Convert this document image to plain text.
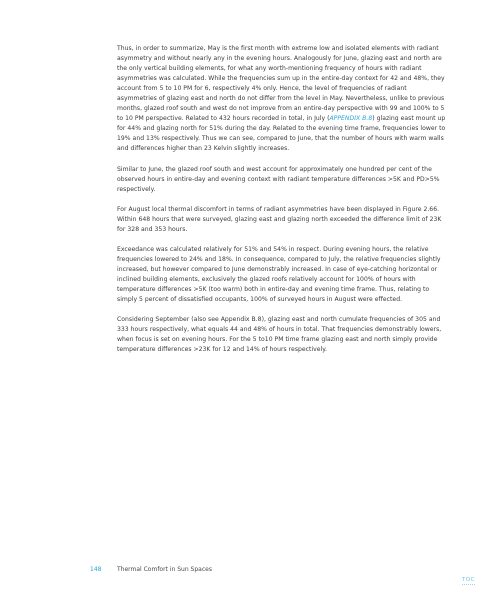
Thus, in order to summarize, May is the first month with extreme low and isolated elements with radiant asymmetry and without nearly any in the evening hours. Analogously for June, glazing east and north are the only vertical building elements, for what any worth-mentioning frequency of hours with radiant asymmetries was calculated. While the frequencies sum up in the entire-day context for 42 and 48%, they account from 5 to 10 PM for 6, respectively 4% only. Hence, the level of frequencies of radiant asymmetries of glazing east and north do not differ from the level in May. Nevertheless, unlike to previous months, glazed roof south and west do not improve from an entire-day perspective with 99 and 100% to 5 to 10 PM perspective. Related to 432 hours recorded in total, in July (APPENDIX B.8) glazing east mount up for 44% and glazing north for 51% during the day. Related to the evening time frame, frequencies lower to 19% and 13% respectively. Thus we can see, compared to June, that the number of hours with warm walls and differences higher than 23 Kelvin slightly increases.

Similar to June, the glazed roof south and west account for approximately one hundred per cent of the observed hours in entire-day and evening context with radiant temperature differences >5K and PD>5% respectively.

For August local thermal discomfort in terms of radiant asymmetries have been displayed in Figure 2.66. Within 648 hours that were surveyed, glazing east and glazing north exceeded the difference limit of 23K for 328 and 353 hours.

Exceedance was calculated relatively for 51% and 54% in respect. During evening hours, the relative frequencies lowered to 24% and 18%. In consequence, compared to July, the relative frequencies slightly increased, but however compared to June demonstrably increased. In case of eye-catching horizontal or inclined building elements, exclusively the glazed roofs relatively account for 100% of hours with temperature differences >5K (too warm) both in entire-day and evening time frame. Thus, relating to simply 5 percent of dissatisfied occupants, 100% of surveyed hours in August were effected.

Considering September (also see Appendix B.8), glazing east and north cumulate frequencies of 305 and 333 hours respectively, what equals 44 and 48% of hours in total. That frequencies demonstrably lowers, when focus is set on evening hours. For the 5 to10 PM time frame glazing east and north simply provide temperature differences >23K for 12 and 14% of hours respectively.

148	Thermal Comfort in Sun Spaces
TOC
